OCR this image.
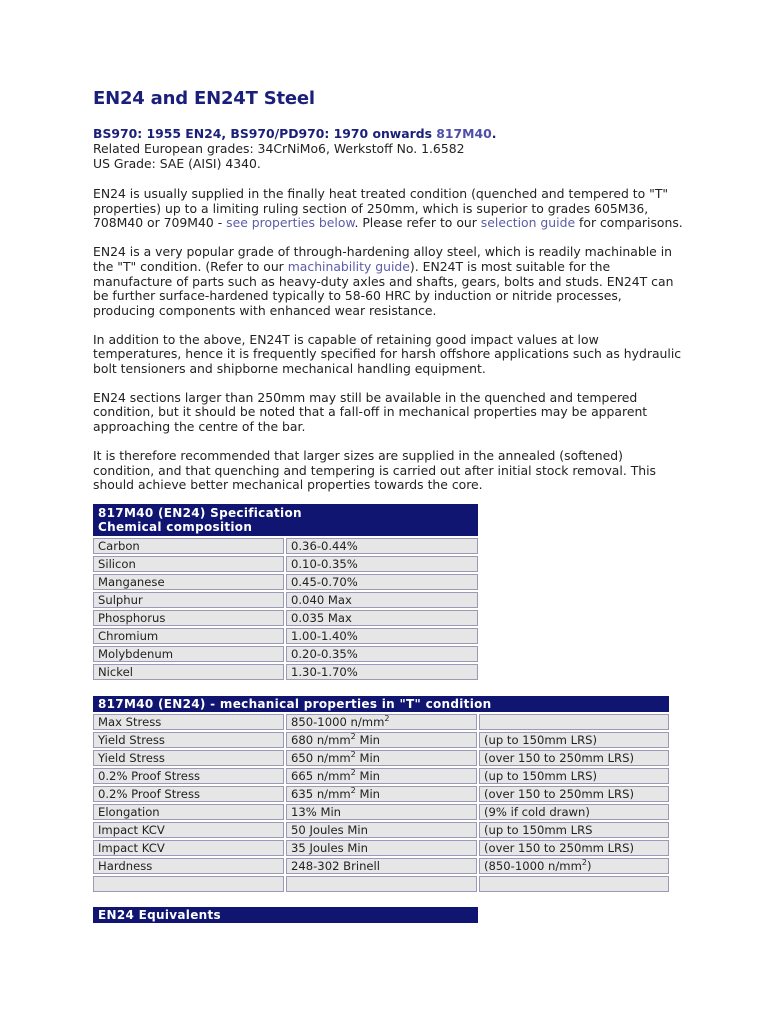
EN24 and EN24T Steel
BS970: 1955 EN24, BS970/PD970: 1970 onwards 817M40.
Related European grades: 34CrNiMo6, Werkstoff No. 1.6582
US Grade: SAE (AISI) 4340.

EN24 is usually supplied in the finally heat treated condition (quenched and tempered to "T" properties) up to a limiting ruling section of 250mm, which is superior to grades 605M36, 708M40 or 709M40 - see properties below. Please refer to our selection guide for comparisons.

EN24 is a very popular grade of through-hardening alloy steel, which is readily machinable in the "T" condition. (Refer to our machinability guide). EN24T is most suitable for the manufacture of parts such as heavy-duty axles and shafts, gears, bolts and studs. EN24T can be further surface-hardened typically to 58-60 HRC by induction or nitride processes, producing components with enhanced wear resistance.

In addition to the above, EN24T is capable of retaining good impact values at low temperatures, hence it is frequently specified for harsh offshore applications such as hydraulic bolt tensioners and shipborne mechanical handling equipment.

EN24 sections larger than 250mm may still be available in the quenched and tempered condition, but it should be noted that a fall-off in mechanical properties may be apparent approaching the centre of the bar.

It is therefore recommended that larger sizes are supplied in the annealed (softened) condition, and that quenching and tempering is carried out after initial stock removal. This should achieve better mechanical properties towards the core.

817M40 (EN24) Specification
Chemical composition	

Carbon	0.36-0.44%
Silicon	0.10-0.35%
Manganese	0.45-0.70%
Sulphur	0.040 Max
Phosphorus	0.035 Max
Chromium	1.00-1.40%
Molybdenum	0.20-0.35%
Nickel	1.30-1.70%
817M40 (EN24) - mechanical properties in "T" condition		
Max Stress	850-1000 $n/mm^2$	
Yield Stress	680 $n/mm^2$ Min	(up to 150mm LRS)
Yield Stress	650 $n/mm^2$ Min	(over 150 to 250mm LRS)
0.2% Proof Stress	665 $n/mm^2$ Min	(up to 150mm LRS)
0.2% Proof Stress	635 $n/mm^2$ Min	(over 150 to 250mm LRS)
Elongation	13% Min	(9% if cold drawn)
Impact KCV	50 Joules Min	(up to 150mm LRS
Impact KCV	35 Joules Min	(over 150 to 250mm LRS)
Hardness	248-302 Brinell	(850-1000 $n/mm^2$)

EN24 Equivalents
